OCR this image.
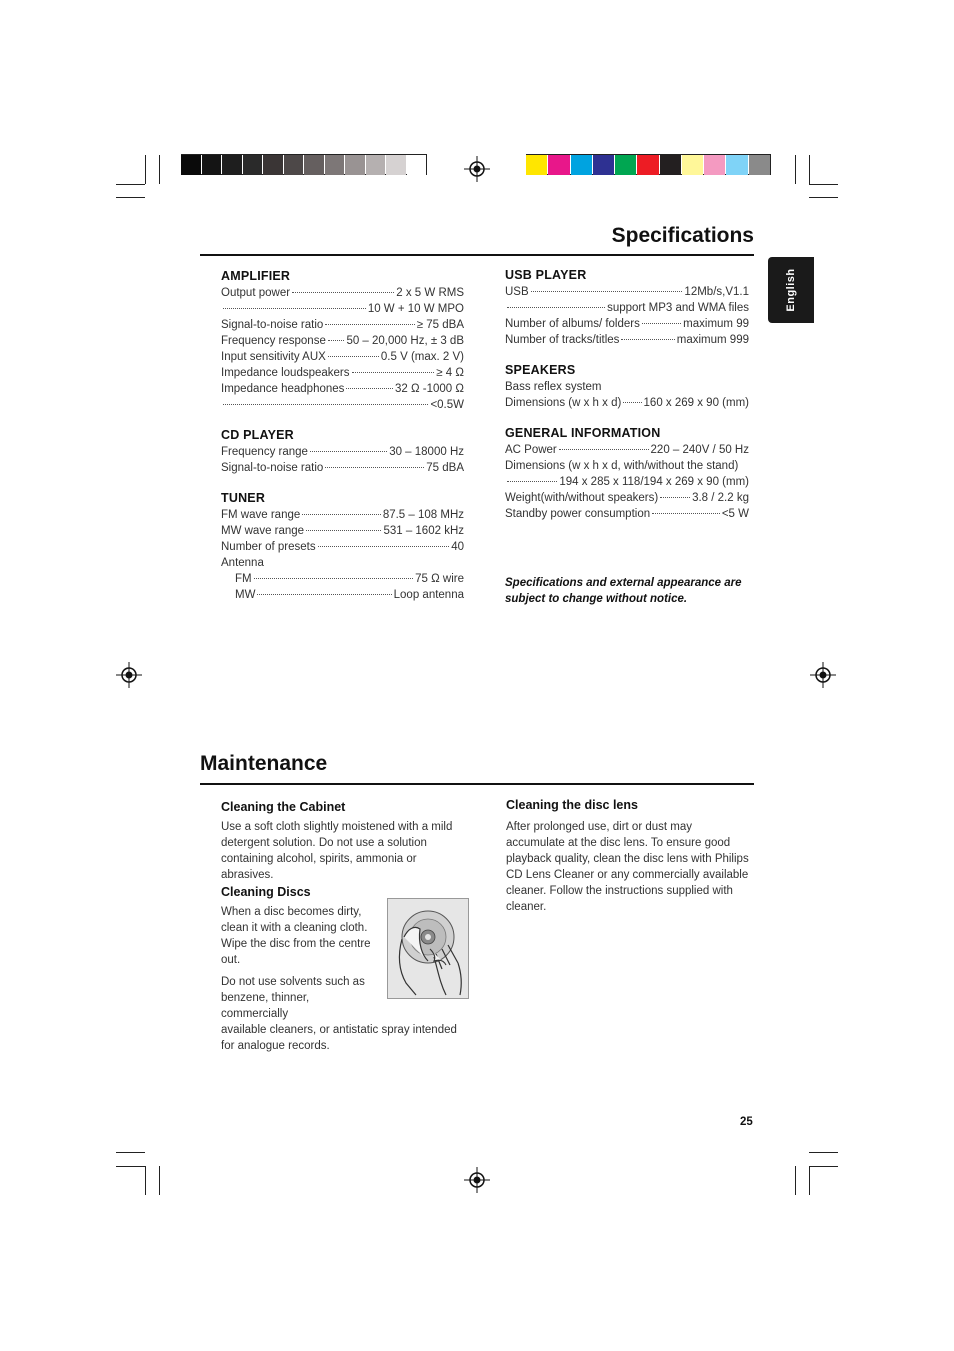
English
Specifications
AMPLIFIER
Output power	2 x 5 W RMS
10 W + 10 W MPO
Signal-to-noise ratio	≥ 75 dBA
Frequency response 50 – 20,000 Hz, ± 3 dB
Input sensitivity AUX	0.5 V (max. 2 V)
Impedance loudspeakers	≥ 4 Ω
Impedance headphones	32 Ω -1000 Ω
<0.5W
CD PLAYER
Frequency range	30 – 18000 Hz
Signal-to-noise ratio	75 dBA
TUNER
FM wave range	87.5 – 108 MHz
MW wave range	531 – 1602 kHz
Number of presets	40
Antenna
FM	75 Ω wire
MW	Loop antenna
USB PLAYER
USB	12Mb/s,V1.1
support MP3 and WMA files
Number of albums/ folders	maximum 99
Number of tracks/titles	maximum 999
SPEAKERS
Bass reflex system
Dimensions (w x h x d) 160 x 269 x 90 (mm)
GENERAL INFORMATION
AC Power	220 – 240V / 50 Hz
Dimensions (w x h x d, with/without the stand)
194 x 285 x 118/194 x 269 x 90 (mm)
Weight(with/without speakers)	3.8 / 2.2 kg
Standby power consumption	<5 W
Specifications and external appearance are subject to change without notice.
Maintenance
Cleaning the Cabinet
Use a soft cloth slightly moistened with a mild detergent solution. Do not use a solution containing alcohol, spirits, ammonia or abrasives.
Cleaning Discs
When a disc becomes dirty, clean it with a cleaning cloth. Wipe the disc from the centre out.
Do not use solvents such as benzene, thinner, commercially
available cleaners, or antistatic spray intended for analogue records.
Cleaning the disc lens
After prolonged use, dirt or dust may accumulate at the disc lens. To ensure good playback quality, clean the disc lens with Philips CD Lens Cleaner or any commercially available cleaner. Follow the instructions supplied with cleaner.
25
